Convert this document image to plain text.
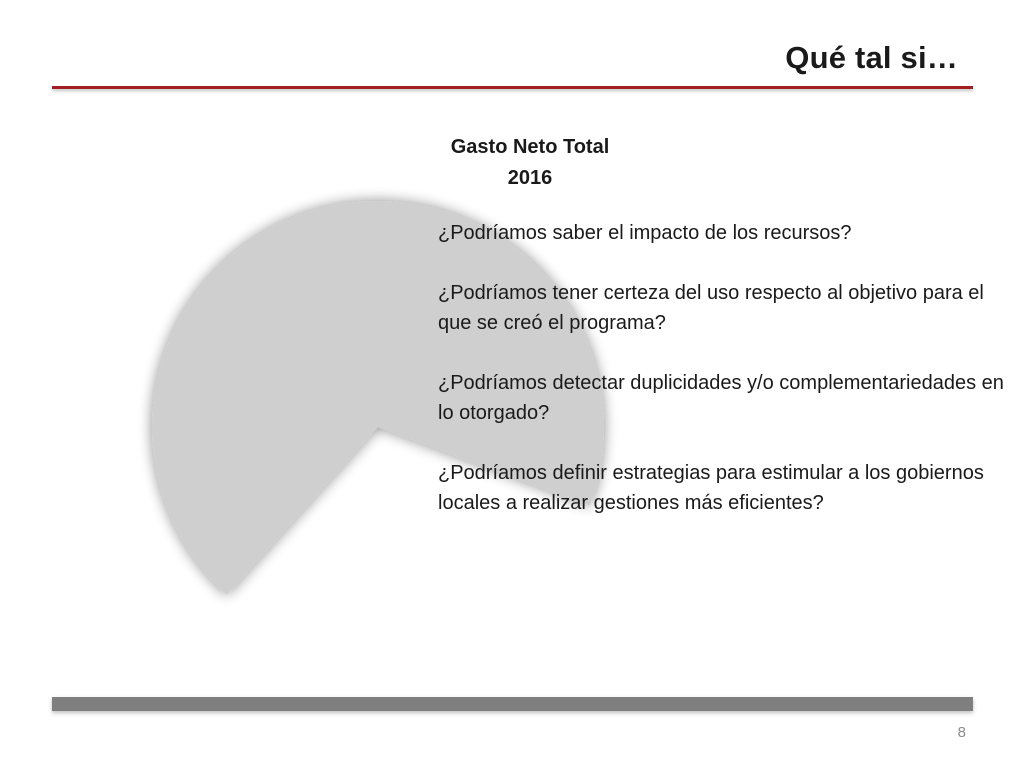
Qué tal si…
Gasto Neto Total
2016

¿Podríamos saber el impacto de los recursos?

¿Podríamos tener certeza del uso respecto al objetivo para el que se creó el programa?

¿Podríamos detectar duplicidades y/o complementariedades en lo otorgado?

¿Podríamos definir estrategias para estimular a los gobiernos locales a realizar gestiones más eficientes?

8
